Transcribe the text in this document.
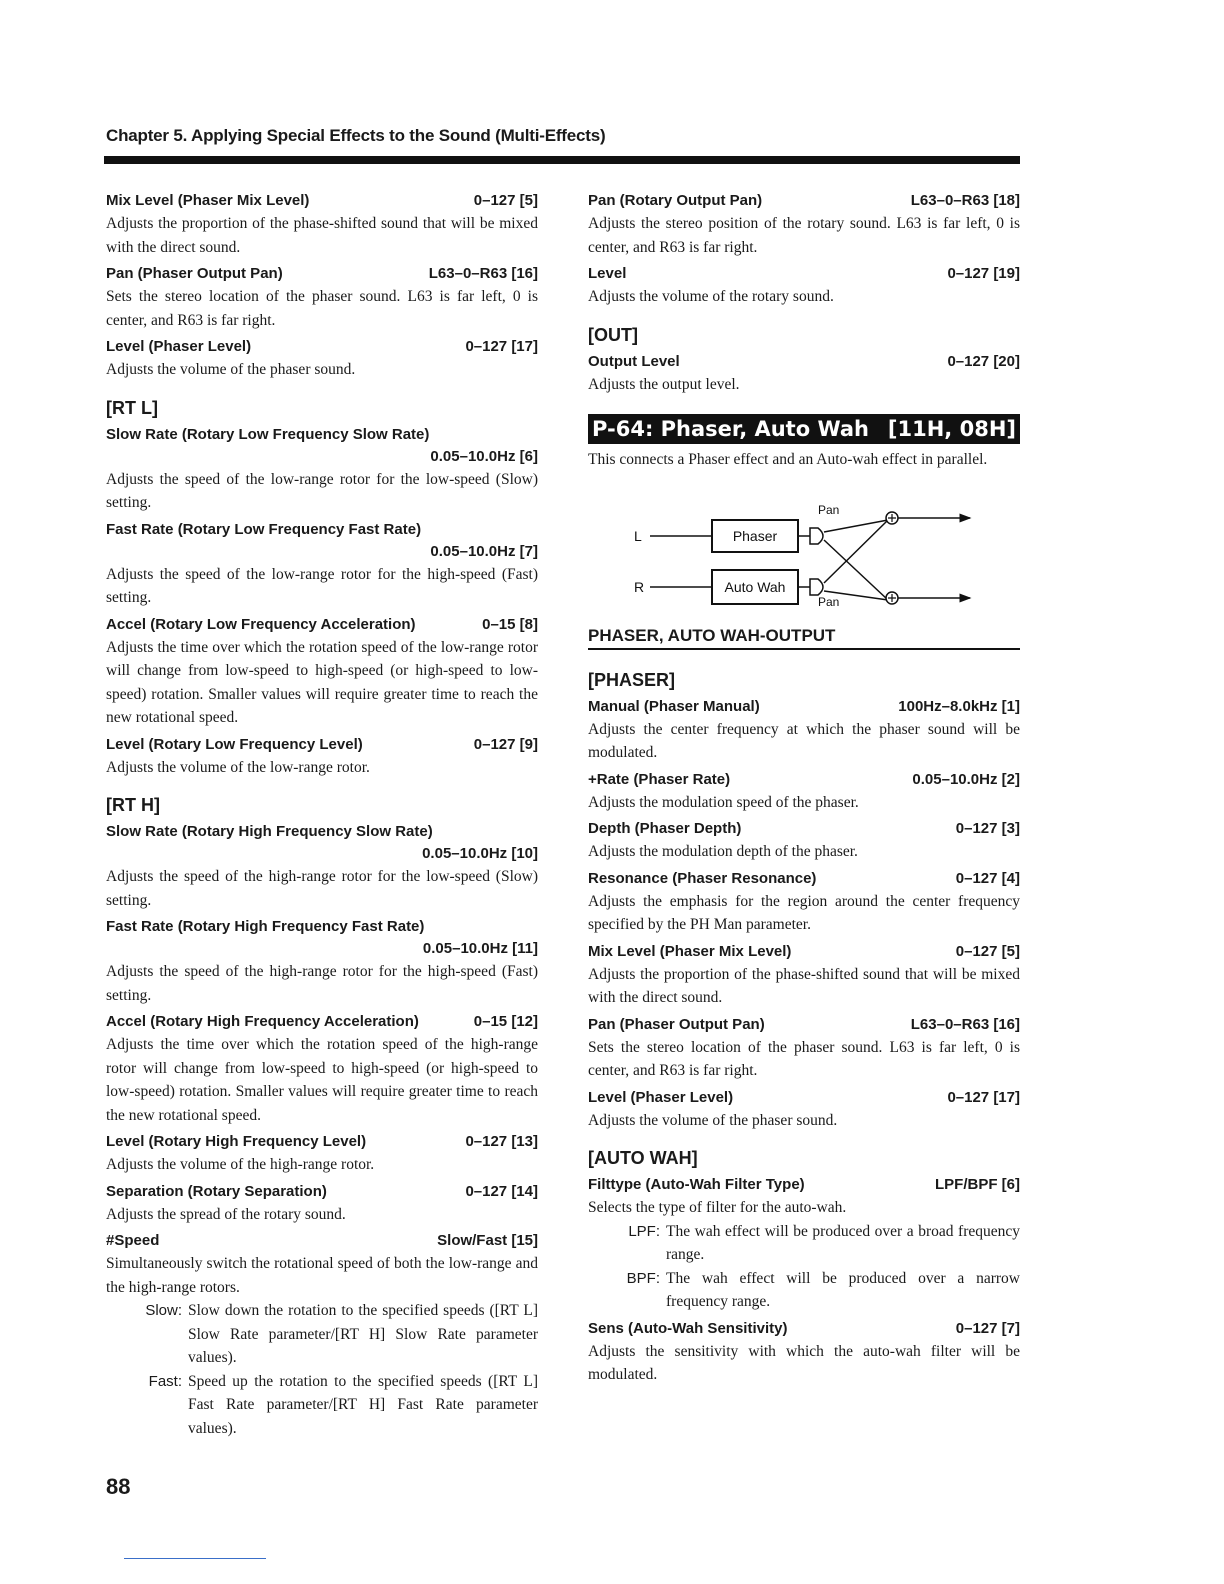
Chapter 5. Applying Special Effects to the Sound (Multi-Effects)
Mix Level (Phaser Mix Level)	0–127 [5]
Adjusts the proportion of the phase-shifted sound that will be mixed with the direct sound.
Pan (Phaser Output Pan)	L63–0–R63 [16]
Sets the stereo location of the phaser sound. L63 is far left, 0 is center, and R63 is far right.
Level (Phaser Level)	0–127 [17]
Adjusts the volume of the phaser sound.
[RT L]
Slow Rate (Rotary Low Frequency Slow Rate)
0.05–10.0Hz [6]
Adjusts the speed of the low-range rotor for the low-speed (Slow) setting.
Fast Rate (Rotary Low Frequency Fast Rate)
0.05–10.0Hz [7]
Adjusts the speed of the low-range rotor for the high-speed (Fast) setting.
Accel (Rotary Low Frequency Acceleration)	0–15 [8]
Adjusts the time over which the rotation speed of the low-range rotor will change from low-speed to high-speed (or high-speed to low-speed) rotation. Smaller values will require greater time to reach the new rotational speed.
Level (Rotary Low Frequency Level)	0–127 [9]
Adjusts the volume of the low-range rotor.
[RT H]
Slow Rate (Rotary High Frequency Slow Rate)
0.05–10.0Hz [10]
Adjusts the speed of the high-range rotor for the low-speed (Slow) setting.
Fast Rate (Rotary High Frequency Fast Rate)
0.05–10.0Hz [11]
Adjusts the speed of the high-range rotor for the high-speed (Fast) setting.
Accel (Rotary High Frequency Acceleration)	0–15 [12]
Adjusts the time over which the rotation speed of the high-range rotor will change from low-speed to high-speed (or high-speed to low-speed) rotation. Smaller values will require greater time to reach the new rotational speed.
Level (Rotary High Frequency Level)	0–127 [13]
Adjusts the volume of the high-range rotor.
Separation (Rotary Separation)	0–127 [14]
Adjusts the spread of the rotary sound.
#Speed	Slow/Fast [15]
Simultaneously switch the rotational speed of both the low-range and the high-range rotors.
Slow: Slow down the rotation to the specified speeds ([RT L] Slow Rate parameter/[RT H] Slow Rate parameter values).
Fast: Speed up the rotation to the specified speeds ([RT L] Fast Rate parameter/[RT H] Fast Rate parameter values).
Pan (Rotary Output Pan)	L63–0–R63 [18]
Adjusts the stereo position of the rotary sound. L63 is far left, 0 is center, and R63 is far right.
Level	0–127 [19]
Adjusts the volume of the rotary sound.
[OUT]
Output Level	0–127 [20]
Adjusts the output level.
P-64: Phaser, Auto Wah [11H, 08H]
This connects a Phaser effect and an Auto-wah effect in parallel.
L
R
Phaser
Auto Wah
Pan
Pan
PHASER, AUTO WAH-OUTPUT
[PHASER]
Manual (Phaser Manual)	100Hz–8.0kHz [1]
Adjusts the center frequency at which the phaser sound will be modulated.
+Rate (Phaser Rate)	0.05–10.0Hz [2]
Adjusts the modulation speed of the phaser.
Depth (Phaser Depth)	0–127 [3]
Adjusts the modulation depth of the phaser.
Resonance (Phaser Resonance)	0–127 [4]
Adjusts the emphasis for the region around the center frequency specified by the PH Man parameter.
Mix Level (Phaser Mix Level)	0–127 [5]
Adjusts the proportion of the phase-shifted sound that will be mixed with the direct sound.
Pan (Phaser Output Pan)	L63–0–R63 [16]
Sets the stereo location of the phaser sound. L63 is far left, 0 is center, and R63 is far right.
Level (Phaser Level)	0–127 [17]
Adjusts the volume of the phaser sound.
[AUTO WAH]
Filttype (Auto-Wah Filter Type)	LPF/BPF [6]
Selects the type of filter for the auto-wah.
LPF: The wah effect will be produced over a broad frequency range.
BPF: The wah effect will be produced over a narrow frequency range.
Sens (Auto-Wah Sensitivity)	0–127 [7]
Adjusts the sensitivity with which the auto-wah filter will be modulated.
88
